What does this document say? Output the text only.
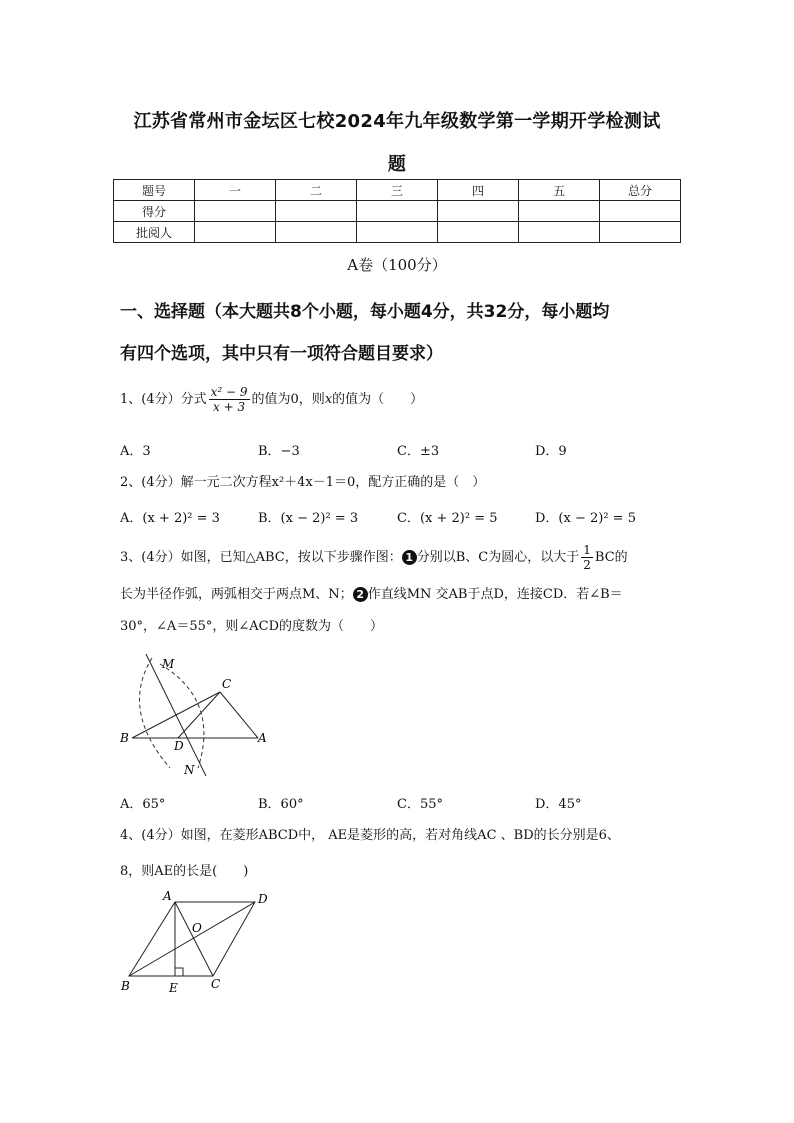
江苏省常州市金坛区七校2024年九年级数学第一学期开学检测试
题
题号	一	二	三	四	五	总分
得分						
批阅人						
A卷（100分）
一、选择题（本大题共8个小题，每小题4分，共32分，每小题均
有四个选项，其中只有一项符合题目要求）
1、(4分）分式 $\frac{\text{x² − 9}}{x + 3}$ 的值为0，则x的值为（　　）
A．3	B．−3	C．±3	D．9
2、(4分）解一元二次方程x²＋4x－1＝0，配方正确的是（　）
A．(x + 2)² = 3	B．(x − 2)² = 3	C．(x + 2)² = 5	D．(x − 2)² = 5
3、(4分）如图，已知△ABC，按以下步骤作图： 1 分别以B、C为圆心，以大于 $\frac{1}{2}$ BC的
长为半径作弧，两弧相交于两点M、N； 2 作直线MN 交AB于点D，连接CD．若∠B＝
30°，∠A＝55°，则∠ACD的度数为（　　）
M
C
B
D
A
N
A．65°	B．60°	C．55°	D．45°
4、(4分）如图，在菱形ABCD中， AE是菱形的高，若对角线AC 、BD的长分别是6、
8，则AE的长是(　　)
A	D
O
B	E	C
